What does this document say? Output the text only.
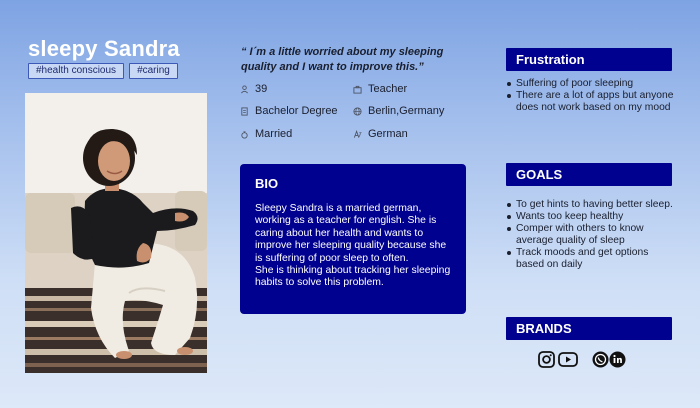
sleepy Sandra
#health conscious	#caring
“ I´m a little worried about my sleeping quality and I want to improve this.”
39	Teacher
Bachelor Degree	Berlin,Germany
Married	German
BIO

Sleepy Sandra is a married german, working as a teacher for english. She is caring about her health and wants to improve her sleeping quality because she is suffering of poor sleep to often.
She is thinking about tracking her sleeping habits to solve this problem.

Frustration
Suffering of poor sleeping
There are a lot of apps but anyone does not work based on my mood
GOALS
To get hints to having better sleep.
Wants too keep healthy
Comper with others to know average quality of sleep
Track moods and get options based on daily
BRANDS
